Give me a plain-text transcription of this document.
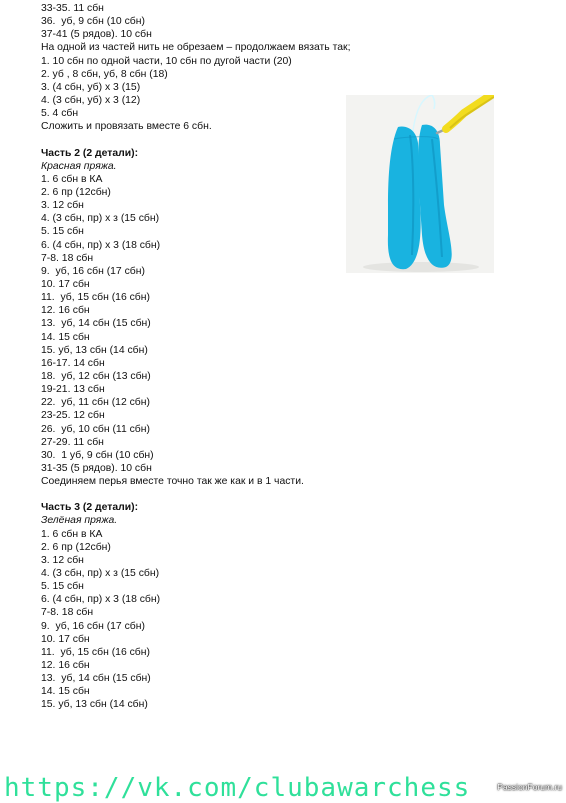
33-35. 11 сбн
36.  уб, 9 сбн (10 сбн)
37-41 (5 рядов). 10 сбн
На одной из частей нить не обрезаем – продолжаем вязать так;
1. 10 сбн по одной части, 10 сбн по дугой части (20)
2. уб , 8 сбн, уб, 8 сбн (18)
3. (4 сбн, уб) х 3 (15)
4. (3 сбн, уб) х 3 (12)
5. 4 сбн
Сложить и провязать вместе 6 сбн.
Часть 2 (2 детали):
Красная пряжа.
1. 6 сбн в КА
2. 6 пр (12сбн)
3. 12 сбн
4. (3 сбн, пр) х з (15 сбн)
5. 15 сбн
6. (4 сбн, пр) х 3 (18 сбн)
7-8. 18 сбн
9.  уб, 16 сбн (17 сбн)
10. 17 сбн
11.  уб, 15 сбн (16 сбн)
12. 16 сбн
13.  уб, 14 сбн (15 сбн)
14. 15 сбн
15. уб, 13 сбн (14 сбн)
16-17. 14 сбн
18.  уб, 12 сбн (13 сбн)
19-21. 13 сбн
22.  уб, 11 сбн (12 сбн)
23-25. 12 сбн
26.  уб, 10 сбн (11 сбн)
27-29. 11 сбн
30.  1 уб, 9 сбн (10 сбн)
31-35 (5 рядов). 10 сбн
Соединяем перья вместе точно так же как и в 1 части.
Часть 3 (2 детали):
Зелёная пряжа.
1. 6 сбн в КА
2. 6 пр (12сбн)
3. 12 сбн
4. (3 сбн, пр) х з (15 сбн)
5. 15 сбн
6. (4 сбн, пр) х 3 (18 сбн)
7-8. 18 сбн
9.  уб, 16 сбн (17 сбн)
10. 17 сбн
11.  уб, 15 сбн (16 сбн)
12. 16 сбн
13.  уб, 14 сбн (15 сбн)
14. 15 сбн
15. уб, 13 сбн (14 сбн)
https://vk.com/clubawarchess	PassionForum.ru
